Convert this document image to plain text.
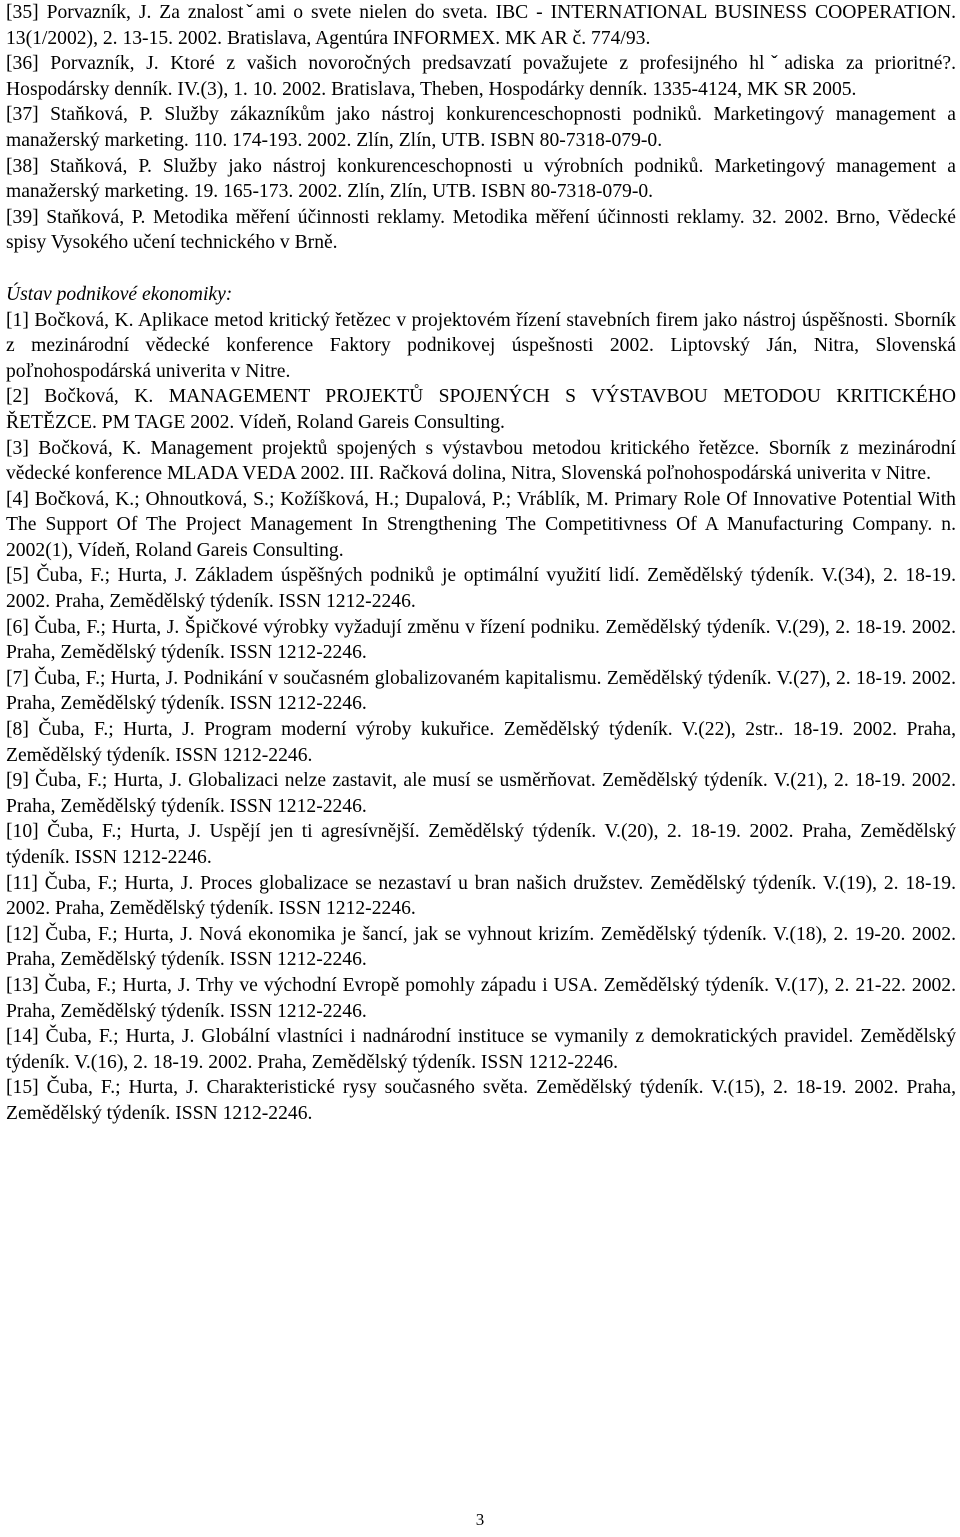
[35] Porvazník, J. Za znalostˇami o svete nielen do sveta. IBC - INTERNATIONAL BUSINESS COOPERATION. 13(1/2002), 2. 13-15. 2002. Bratislava, Agentúra INFORMEX. MK AR č. 774/93.

[36] Porvazník, J. Ktoré z vašich novoročných predsavzatí považujete z profesijného hlˇadiska za prioritné?. Hospodársky denník. IV.(3), 1. 10. 2002. Bratislava, Theben, Hospodárky denník. 1335-4124, MK SR 2005.

[37] Staňková, P. Služby zákazníkům jako nástroj konkurenceschopnosti podniků. Marketingový management a manažerský marketing. 110. 174-193. 2002. Zlín, Zlín, UTB. ISBN 80-7318-079-0.

[38] Staňková, P. Služby jako nástroj konkurenceschopnosti u výrobních podniků. Marketingový management a manažerský marketing. 19. 165-173. 2002. Zlín, Zlín, UTB. ISBN 80-7318-079-0.

[39] Staňková, P. Metodika měření účinnosti reklamy. Metodika měření účinnosti reklamy. 32. 2002. Brno, Vědecké spisy Vysokého učení technického v Brně.

Ústav podnikové ekonomiky:

[1] Bočková, K. Aplikace metod kritický řetězec v projektovém řízení stavebních firem jako nástroj úspěšnosti. Sborník z mezinárodní vědecké konference Faktory podnikovej úspešnosti 2002. Liptovský Ján, Nitra, Slovenská poľnohospodárská univerita v Nitre.

[2] Bočková, K. MANAGEMENT PROJEKTŮ SPOJENÝCH S VÝSTAVBOU METODOU KRITICKÉHO ŘETĚZCE. PM TAGE 2002. Vídeň, Roland Gareis Consulting.

[3] Bočková, K. Management projektů spojených s výstavbou metodou kritického řetězce. Sborník z mezinárodní vědecké konference MLADA VEDA 2002. III. Račková dolina, Nitra, Slovenská poľnohospodárská univerita v Nitre.

[4] Bočková, K.; Ohnoutková, S.; Kožíšková, H.; Dupalová, P.; Vráblík, M. Primary Role Of Innovative Potential With The Support Of The Project Management In Strengthening The Competitivness Of A Manufacturing Company. n. 2002(1), Vídeň, Roland Gareis Consulting.

[5] Čuba, F.; Hurta, J. Základem úspěšných podniků je optimální využití lidí. Zemědělský týdeník. V.(34), 2. 18-19. 2002. Praha, Zemědělský týdeník. ISSN 1212-2246.

[6] Čuba, F.; Hurta, J. Špičkové výrobky vyžadují změnu v řízení podniku. Zemědělský týdeník. V.(29), 2. 18-19. 2002. Praha, Zemědělský týdeník. ISSN 1212-2246.

[7] Čuba, F.; Hurta, J. Podnikání v současném globalizovaném kapitalismu. Zemědělský týdeník. V.(27), 2. 18-19. 2002. Praha, Zemědělský týdeník. ISSN 1212-2246.

[8] Čuba, F.; Hurta, J. Program moderní výroby kukuřice. Zemědělský týdeník. V.(22), 2str.. 18-19. 2002. Praha, Zemědělský týdeník. ISSN 1212-2246.

[9] Čuba, F.; Hurta, J. Globalizaci nelze zastavit, ale musí se usměrňovat. Zemědělský týdeník. V.(21), 2. 18-19. 2002. Praha, Zemědělský týdeník. ISSN 1212-2246.

[10] Čuba, F.; Hurta, J. Uspějí jen ti agresívnější. Zemědělský týdeník. V.(20), 2. 18-19. 2002. Praha, Zemědělský týdeník. ISSN 1212-2246.

[11] Čuba, F.; Hurta, J. Proces globalizace se nezastaví u bran našich družstev. Zemědělský týdeník. V.(19), 2. 18-19. 2002. Praha, Zemědělský týdeník. ISSN 1212-2246.

[12] Čuba, F.; Hurta, J. Nová ekonomika je šancí, jak se vyhnout krizím. Zemědělský týdeník. V.(18), 2. 19-20. 2002. Praha, Zemědělský týdeník. ISSN 1212-2246.

[13] Čuba, F.; Hurta, J. Trhy ve východní Evropě pomohly západu i USA. Zemědělský týdeník. V.(17), 2. 21-22. 2002. Praha, Zemědělský týdeník. ISSN 1212-2246.

[14] Čuba, F.; Hurta, J. Globální vlastníci i nadnárodní instituce se vymanily z demokratických pravidel. Zemědělský týdeník. V.(16), 2. 18-19. 2002. Praha, Zemědělský týdeník. ISSN 1212-2246.

[15] Čuba, F.; Hurta, J. Charakteristické rysy současného světa. Zemědělský týdeník. V.(15), 2. 18-19. 2002. Praha, Zemědělský týdeník. ISSN 1212-2246.

3
